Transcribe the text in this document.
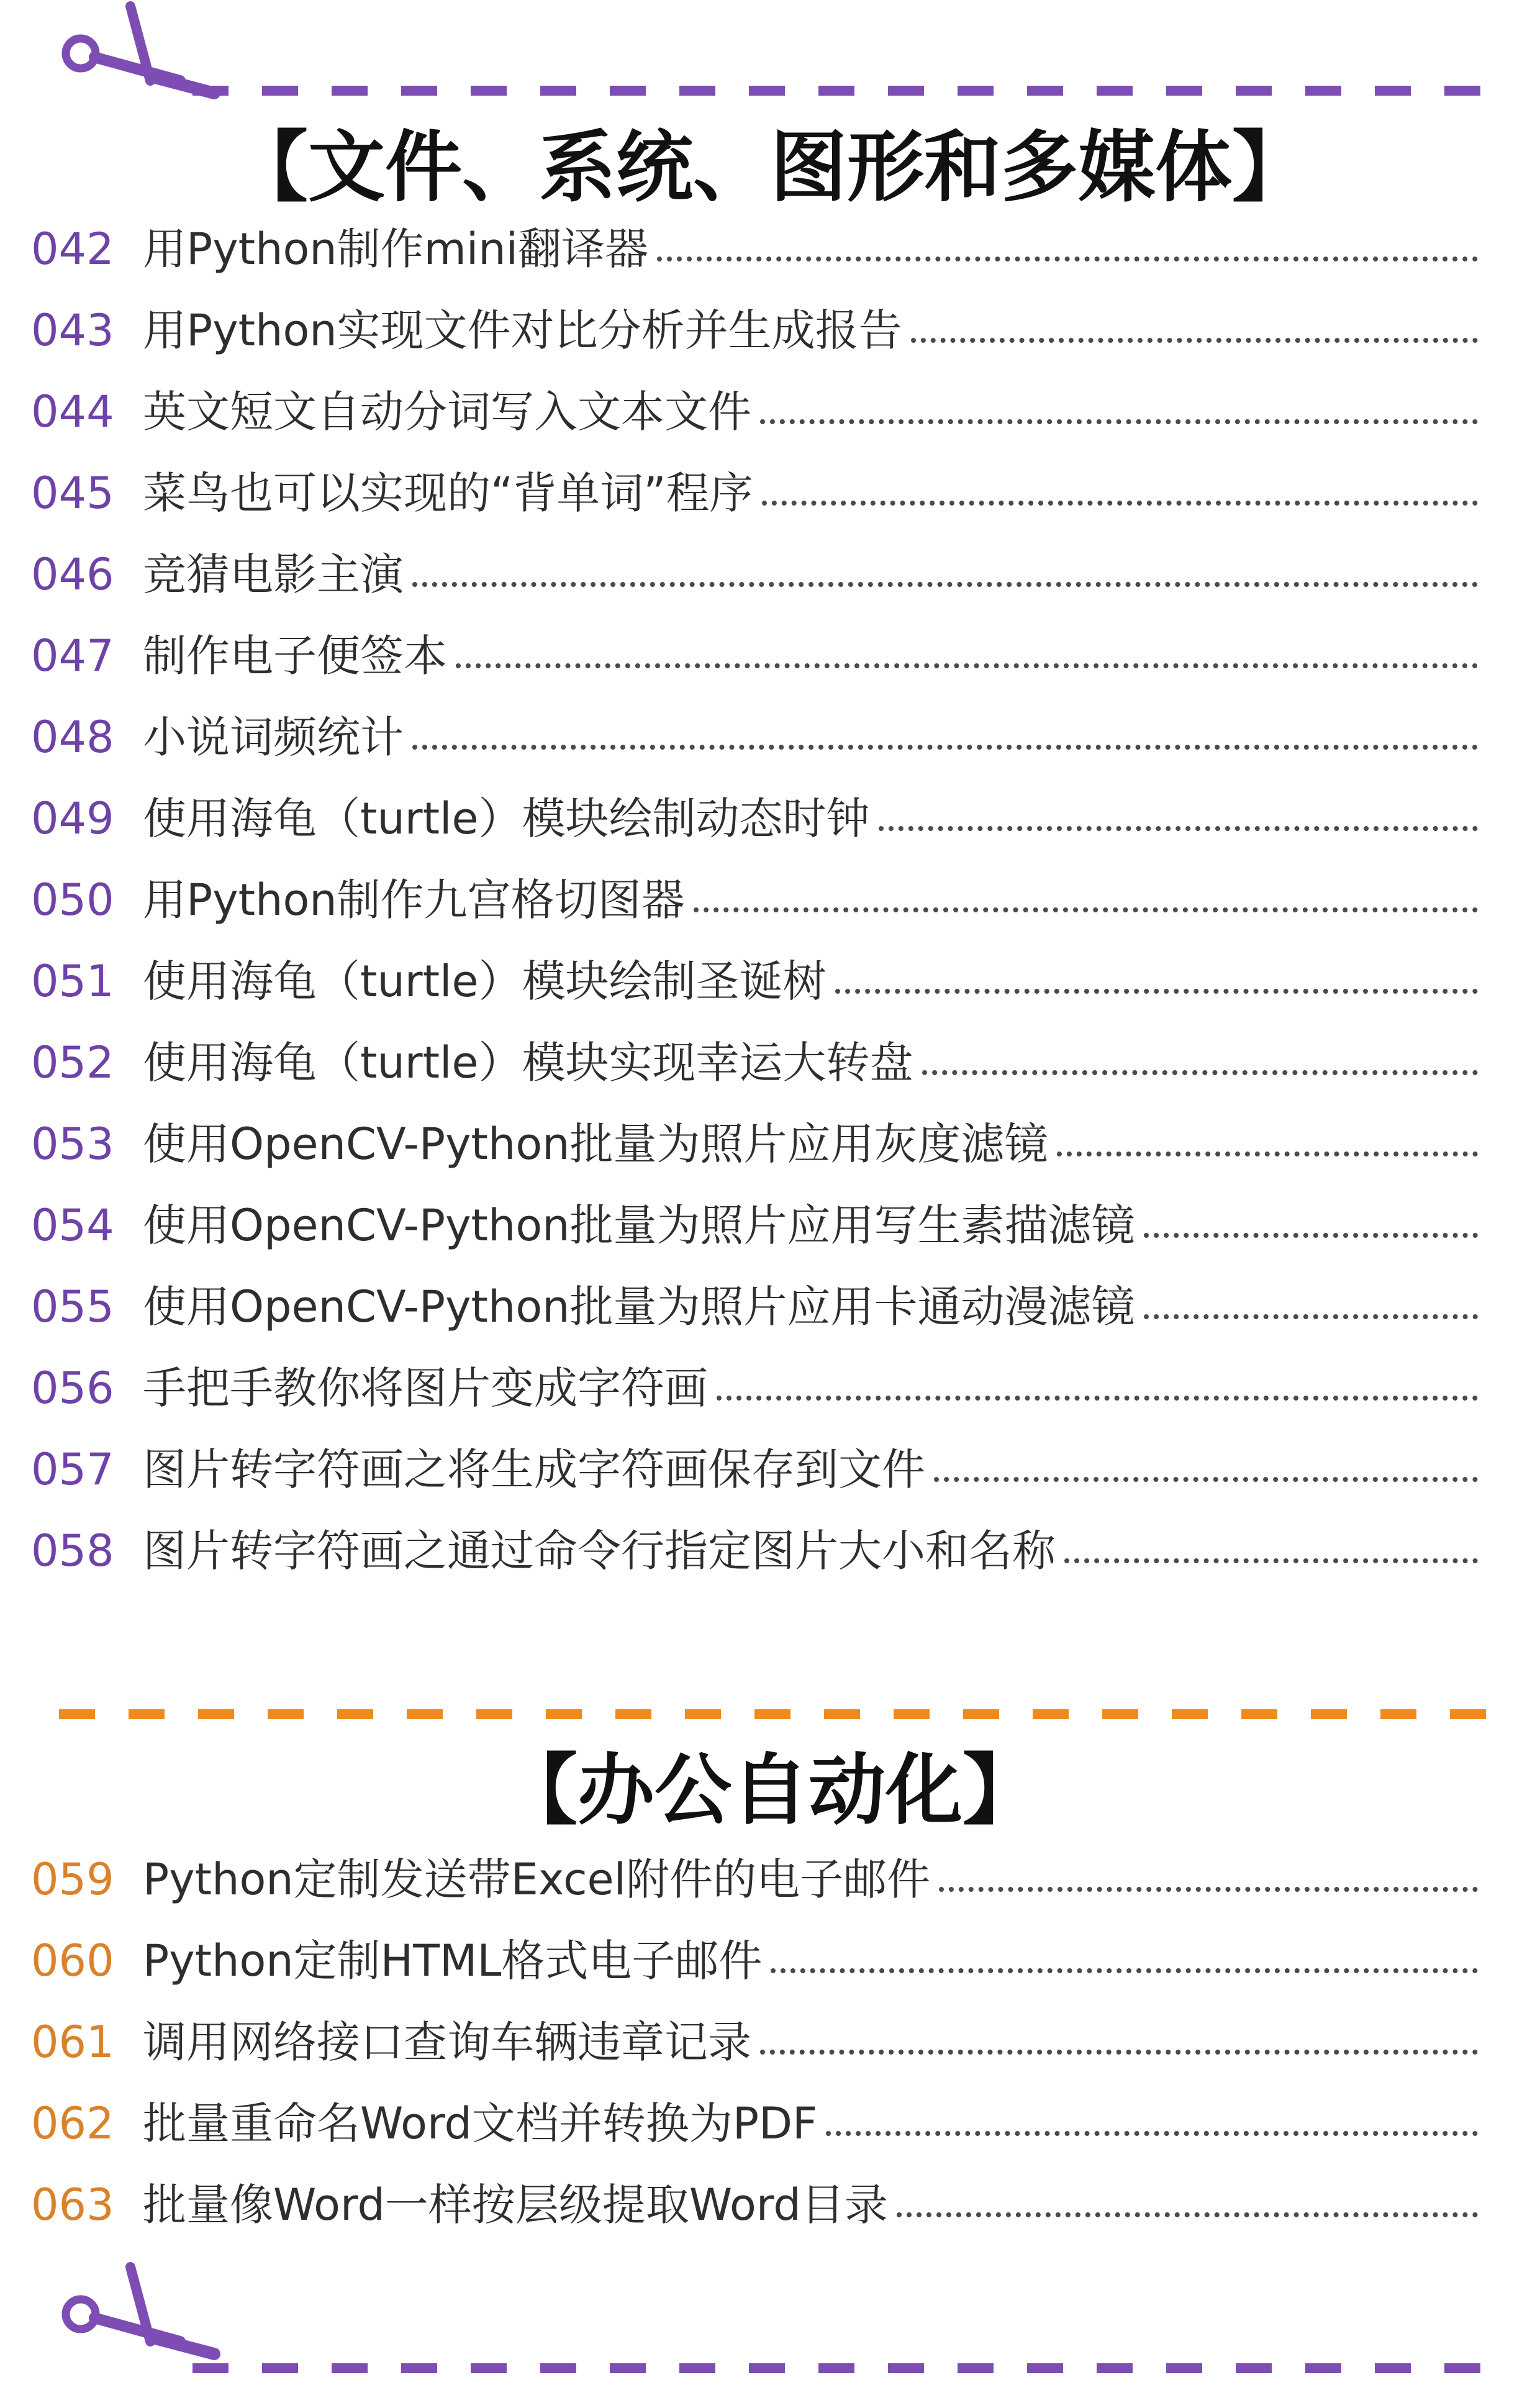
【文件、系统、图形和多媒体】
042 用Python制作mini翻译器
043 用Python实现文件对比分析并生成报告
044 英文短文自动分词写入文本文件
045 菜鸟也可以实现的“背单词”程序
046 竞猜电影主演
047 制作电子便签本
048 小说词频统计
049 使用海龟（turtle）模块绘制动态时钟
050 用Python制作九宫格切图器
051 使用海龟（turtle）模块绘制圣诞树
052 使用海龟（turtle）模块实现幸运大转盘
053 使用OpenCV-Python批量为照片应用灰度滤镜
054 使用OpenCV-Python批量为照片应用写生素描滤镜
055 使用OpenCV-Python批量为照片应用卡通动漫滤镜
056 手把手教你将图片变成字符画
057 图片转字符画之将生成字符画保存到文件
058 图片转字符画之通过命令行指定图片大小和名称
【办公自动化】
059 Python定制发送带Excel附件的电子邮件
060 Python定制HTML格式电子邮件
061 调用网络接口查询车辆违章记录
062 批量重命名Word文档并转换为PDF
063 批量像Word一样按层级提取Word目录
